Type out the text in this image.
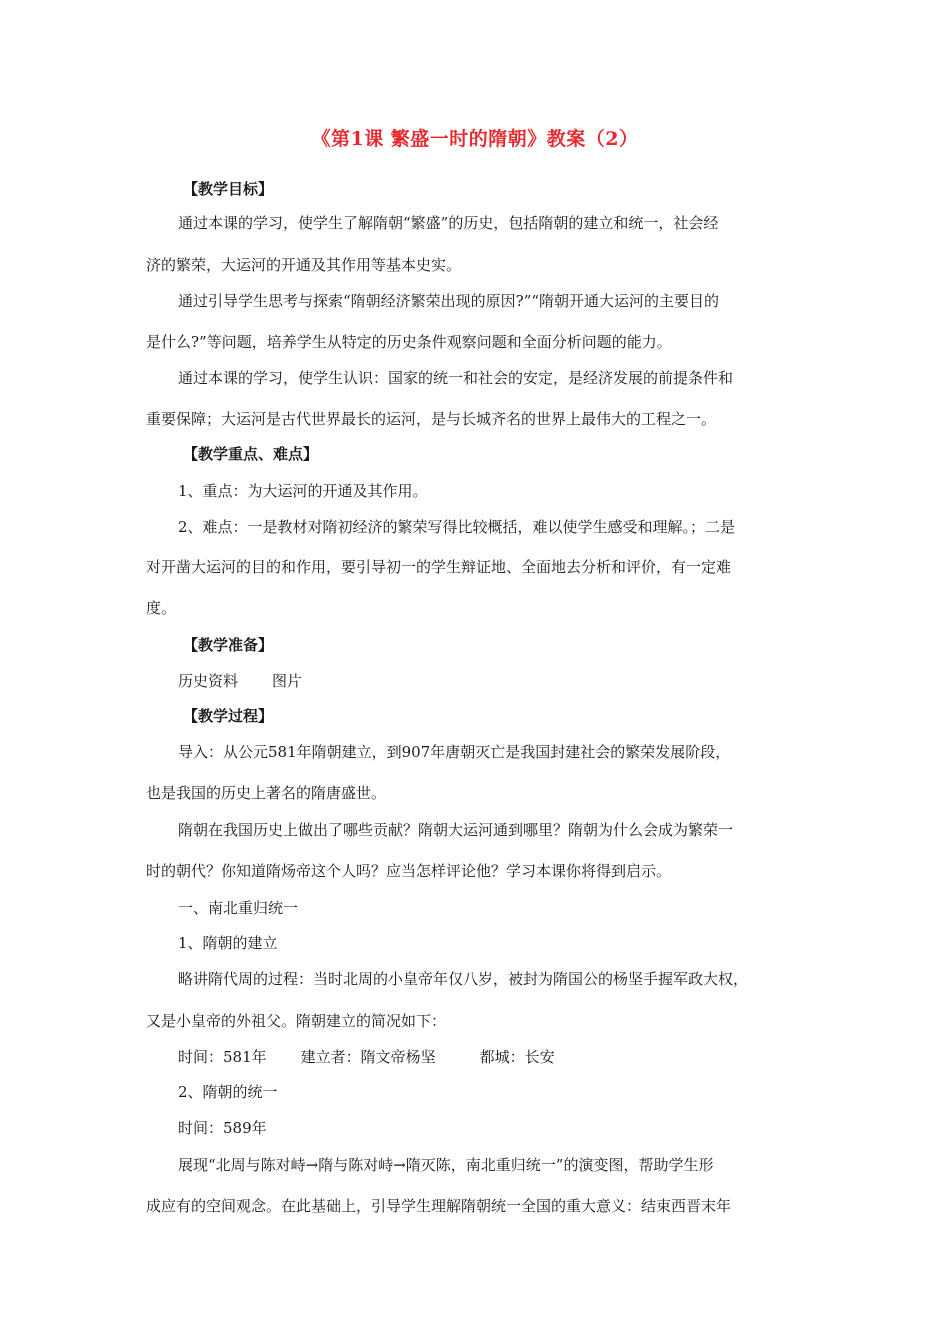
《第1课 繁盛一时的隋朝》教案（2）
【教学目标】
通过本课的学习，使学生了解隋朝“繁盛”的历史，包括隋朝的建立和统一，社会经
济的繁荣，大运河的开通及其作用等基本史实。
通过引导学生思考与探索“隋朝经济繁荣出现的原因?”“隋朝开通大运河的主要目的
是什么?”等问题，培养学生从特定的历史条件观察问题和全面分析问题的能力。
通过本课的学习，使学生认识：国家的统一和社会的安定，是经济发展的前提条件和
重要保障；大运河是古代世界最长的运河，是与长城齐名的世界上最伟大的工程之一。
【教学重点、难点】
1、重点：为大运河的开通及其作用。
2、难点：一是教材对隋初经济的繁荣写得比较概括，难以使学生感受和理解。；二是
对开凿大运河的目的和作用，要引导初一的学生辩证地、全面地去分析和评价，有一定难
度。
【教学准备】
历史资料 图片
【教学过程】
导入：从公元581年隋朝建立，到907年唐朝灭亡是我国封建社会的繁荣发展阶段，
也是我国的历史上著名的隋唐盛世。
隋朝在我国历史上做出了哪些贡献？隋朝大运河通到哪里？隋朝为什么会成为繁荣一
时的朝代？你知道隋炀帝这个人吗？应当怎样评论他？学习本课你将得到启示。
一、南北重归统一
1、隋朝的建立
略讲隋代周的过程：当时北周的小皇帝年仅八岁，被封为隋国公的杨坚手握军政大权，
又是小皇帝的外祖父。隋朝建立的简况如下：
时间：581年 建立者：隋文帝杨坚	都城：长安
2、隋朝的统一
时间：589年
展现“北周与陈对峙→隋与陈对峙→隋灭陈，南北重归统一”的演变图，帮助学生形
成应有的空间观念。在此基础上，引导学生理解隋朝统一全国的重大意义：结束西晋末年
